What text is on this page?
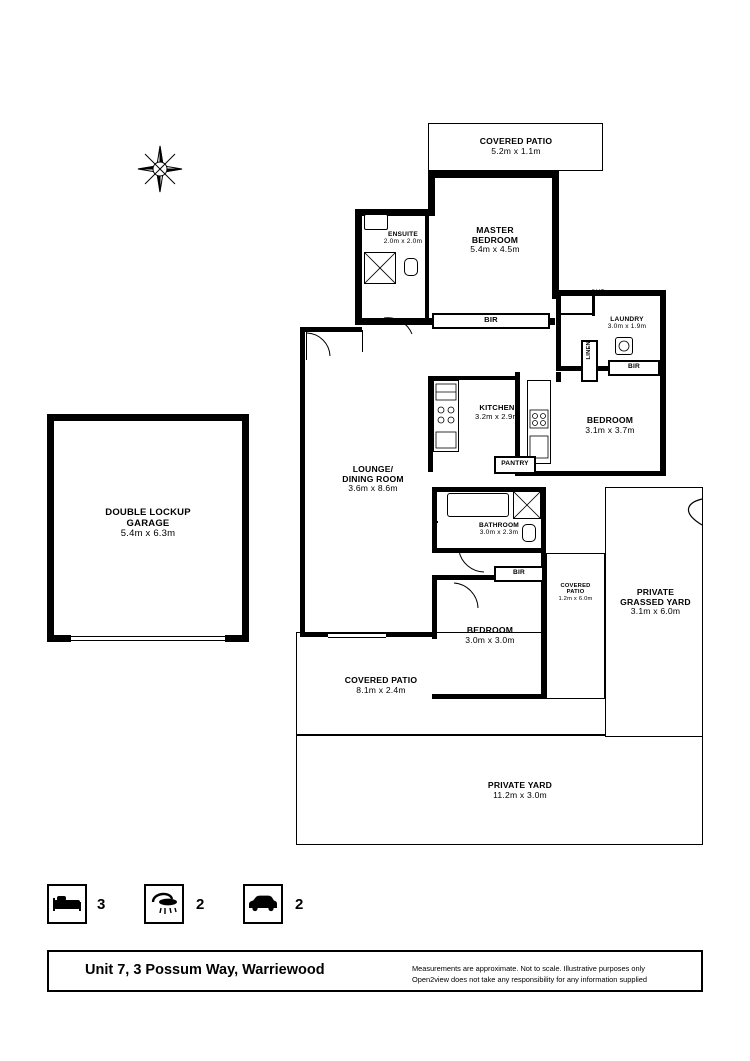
DOUBLE LOCKUP
GARAGE
5.4m x 6.3m
PRIVATE YARD
11.2m x 3.0m
PRIVATE
GRASSED YARD
3.1m x 6.0m
COVERED PATIO
8.1m x 2.4m
COVERED PATIO
5.2m x 1.1m
ENSUITE
2.0m x 2.0m
MASTER
BEDROOM
5.4m x 4.5m
BIR
CUP
LAUNDRY
3.0m x 1.9m
LINEN
BIR
BEDROOM
3.1m x 3.7m
KITCHEN
3.2m x 2.9m
PANTRY
LOUNGE/
DINING ROOM
3.6m x 8.6m
BATHROOM
3.0m x 2.3m
BIR
BEDROOM
3.0m x 3.0m
COVERED
PATIO
1.2m x 6.0m
3	2	2
Unit 7, 3 Possum Way, Warriewood	Measurements are approximate. Not to scale. Illustrative purposes only
Open2view does not take any responsibility for any information supplied
